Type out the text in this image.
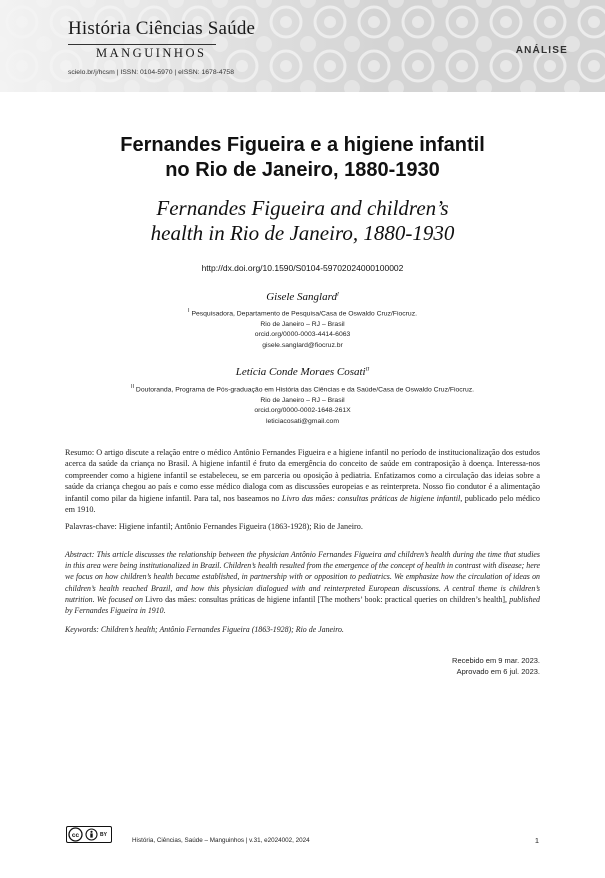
História Ciências Saúde
MANGUINHOS
scielo.br/j/hcsm | ISSN: 0104-5970 | eISSN: 1678-4758
ANÁLISE
Fernandes Figueira e a higiene infantil
no Rio de Janeiro, 1880-1930
Fernandes Figueira and children’s
health in Rio de Janeiro, 1880-1930
http://dx.doi.org/10.1590/S0104-59702024000100002
Gisele Sanglard$^I$
$^I$ Pesquisadora, Departamento de Pesquisa/Casa de Oswaldo Cruz/Fiocruz.
Rio de Janeiro – RJ – Brasil
orcid.org/0000-0003-4414-6063
gisele.sanglard@fiocruz.br
Letícia Conde Moraes Cosati$^{II}$
$^{II}$ Doutoranda, Programa de Pós-graduação em História das Ciências e da Saúde/Casa de Oswaldo Cruz/Fiocruz.
Rio de Janeiro – RJ – Brasil
orcid.org/0000-0002-1648-261X
leticiacosati@gmail.com
Resumo: O artigo discute a relação entre o médico Antônio Fernandes Figueira e a higiene infantil no período de institucionalização dos estudos acerca da saúde da criança no Brasil. A higiene infantil é fruto da emergência do conceito de saúde em contraposição à doença. Interessa-nos compreender como a higiene infantil se estabeleceu, se em parceria ou oposição à pediatria. Enfatizamos como a circulação das ideias sobre a saúde da criança chegou ao país e como esse médico dialoga com as discussões europeias e as reinterpreta. Nosso fio condutor é a alimentação infantil como pilar da higiene infantil. Para tal, nos baseamos no Livro das mães: consultas práticas de higiene infantil, publicado pelo médico em 1910.
Palavras-chave: Higiene infantil; Antônio Fernandes Figueira (1863-1928); Rio de Janeiro.
Abstract: This article discusses the relationship between the physician Antônio Fernandes Figueira and children’s health during the time that studies in this area were being institutionalized in Brazil. Children’s health resulted from the emergence of the concept of health in contrast with disease; here we focus on how children’s health became established, in partnership with or opposition to pediatrics. We emphasize how the circulation of ideas on children’s health reached Brazil, and how this physician dialogued with and reinterpreted European discussions. A central theme is children’s nutrition. We focused on Livro das mães: consultas práticas de higiene infantil [The mothers’ book: practical queries on children’s health], published by Fernandes Figueira in 1910.
Keywords: Children’s health; Antônio Fernandes Figueira (1863-1928); Rio de Janeiro.
Recebido em 9 mar. 2023.
Aprovado em 6 jul. 2023.
cc	BY
História, Ciências, Saúde – Manguinhos | v.31, e2024002, 2024	1
